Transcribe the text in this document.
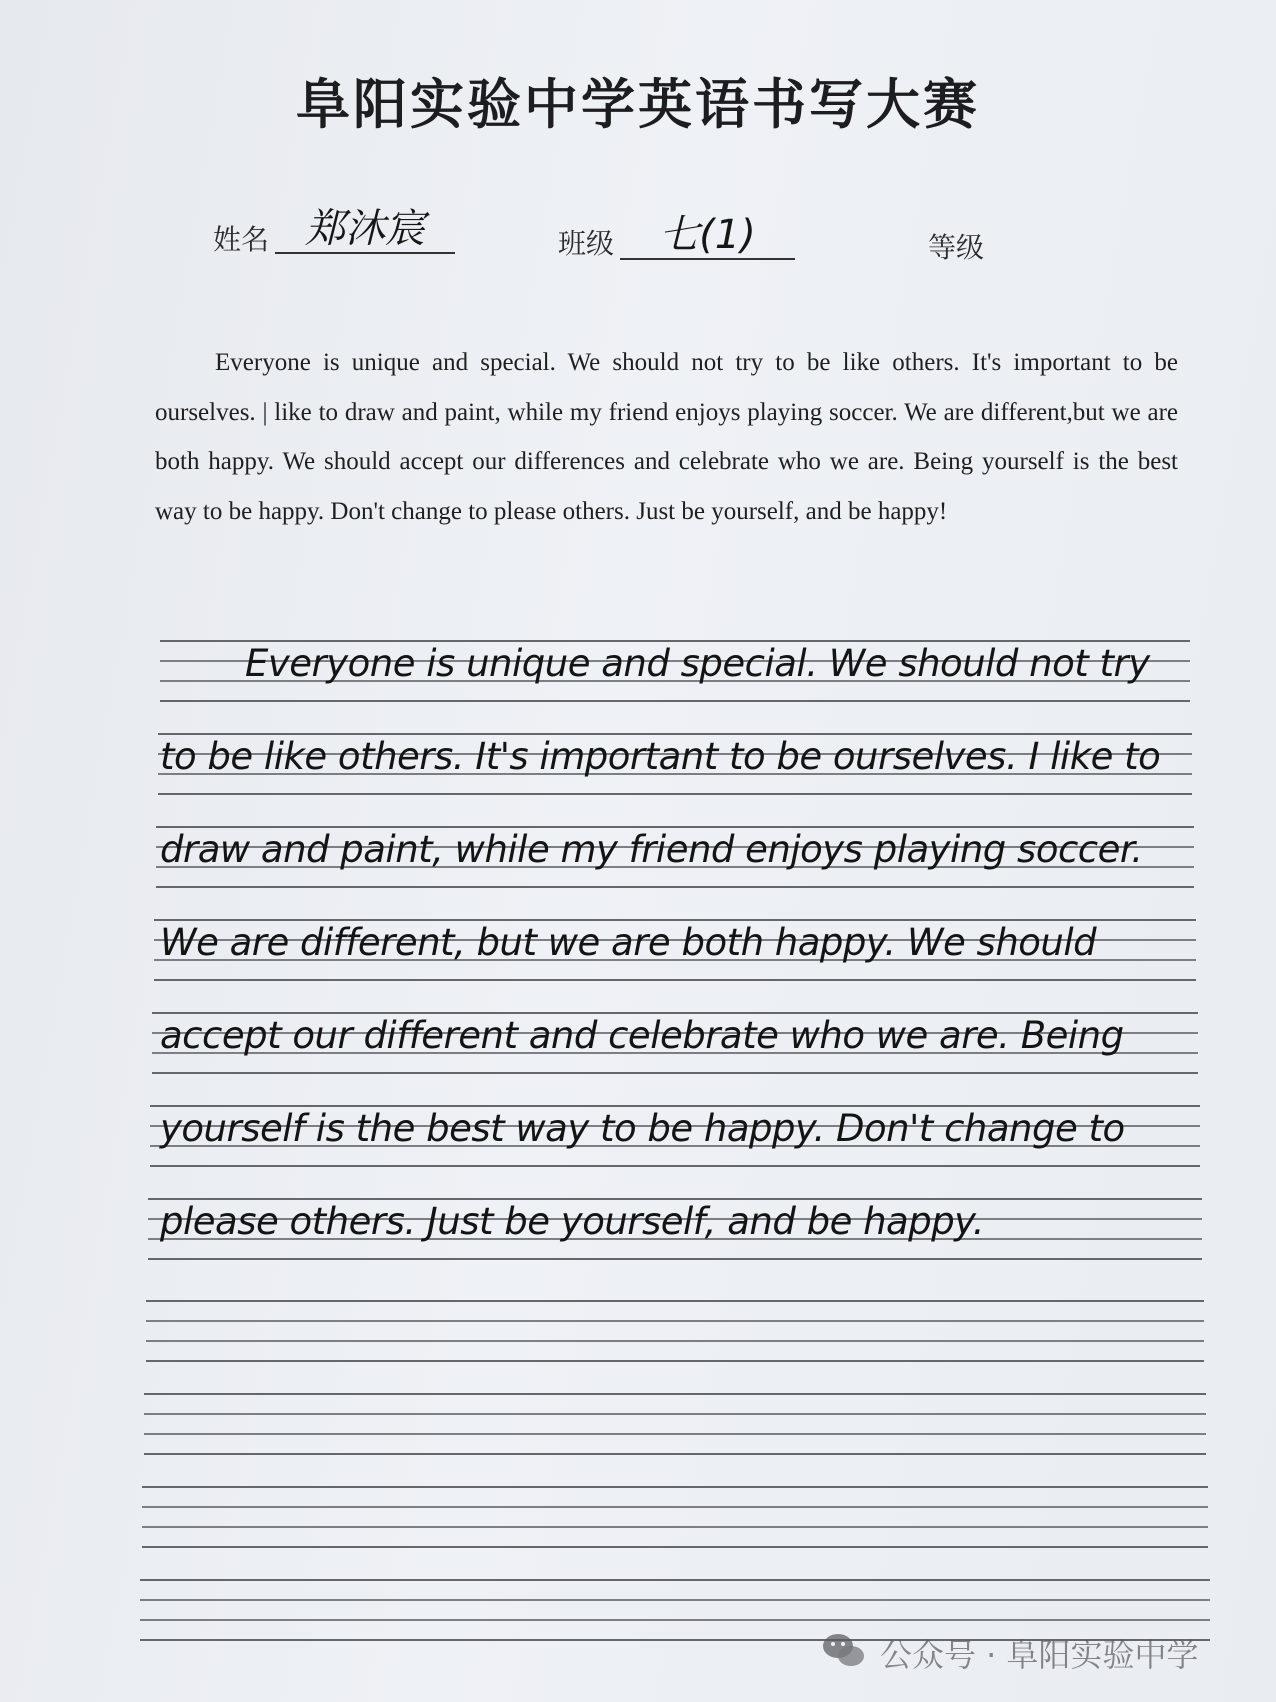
阜阳实验中学英语书写大赛
姓名 郑沐宸	班级	七(1)	等级
Everyone is unique and special. We should not try to be like others. It's important to be ourselves. | like to draw and paint, while my friend enjoys playing soccer. We are different,but we are both happy. We should accept our differences and celebrate who we are. Being yourself is the best way to be happy. Don't change to please others. Just be yourself, and be happy!
Everyone is unique and special. We should not try
to be like others. It's important to be ourselves. I like to
draw and paint, while my friend enjoys playing soccer.
We are different, but we are both happy. We should
accept our different and celebrate who we are. Being
yourself is the best way to be happy. Don't change to
please others. Just be yourself, and be happy.
公众号 · 阜阳实验中学
